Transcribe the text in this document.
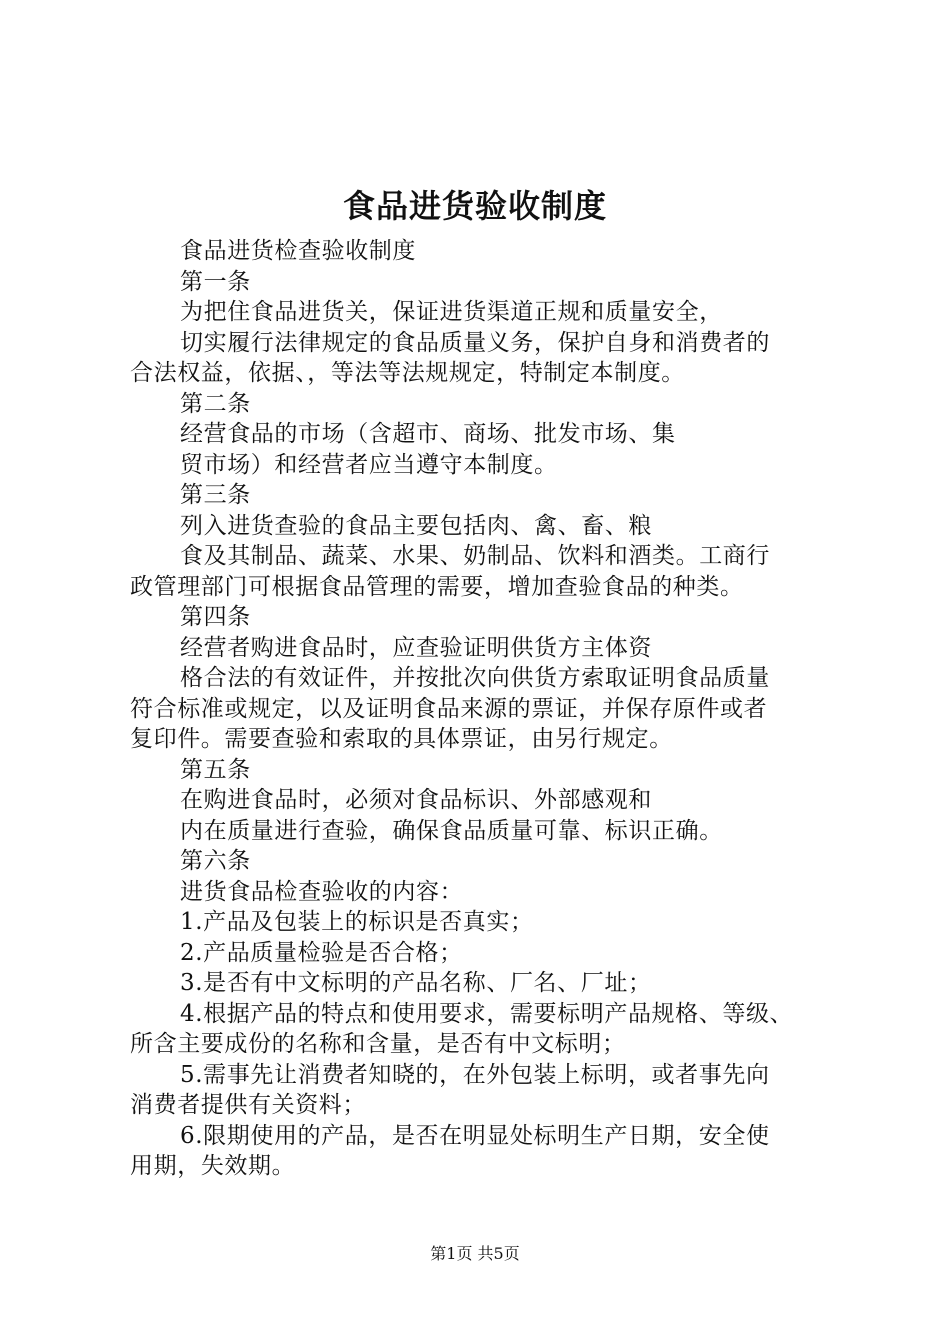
食品进货验收制度
食品进货检查验收制度
第一条
为把住食品进货关，保证进货渠道正规和质量安全，
切实履行法律规定的食品质量义务，保护自身和消费者的
合法权益，依据、，等法等法规规定，特制定本制度。
第二条
经营食品的市场（含超市、商场、批发市场、集
贸市场）和经营者应当遵守本制度。
第三条
列入进货查验的食品主要包括肉、禽、畜、粮
食及其制品、蔬菜、水果、奶制品、饮料和酒类。工商行
政管理部门可根据食品管理的需要，增加查验食品的种类。
第四条
经营者购进食品时，应查验证明供货方主体资
格合法的有效证件，并按批次向供货方索取证明食品质量
符合标准或规定，以及证明食品来源的票证，并保存原件或者
复印件。需要查验和索取的具体票证，由另行规定。
第五条
在购进食品时，必须对食品标识、外部感观和
内在质量进行查验，确保食品质量可靠、标识正确。
第六条
进货食品检查验收的内容：
1.产品及包装上的标识是否真实；
2.产品质量检验是否合格；
3.是否有中文标明的产品名称、厂名、厂址；
4.根据产品的特点和使用要求，需要标明产品规格、等级、
所含主要成份的名称和含量，是否有中文标明；
5.需事先让消费者知晓的，在外包装上标明，或者事先向
消费者提供有关资料；
6.限期使用的产品，是否在明显处标明生产日期，安全使
用期，失效期。
第1页 共5页
